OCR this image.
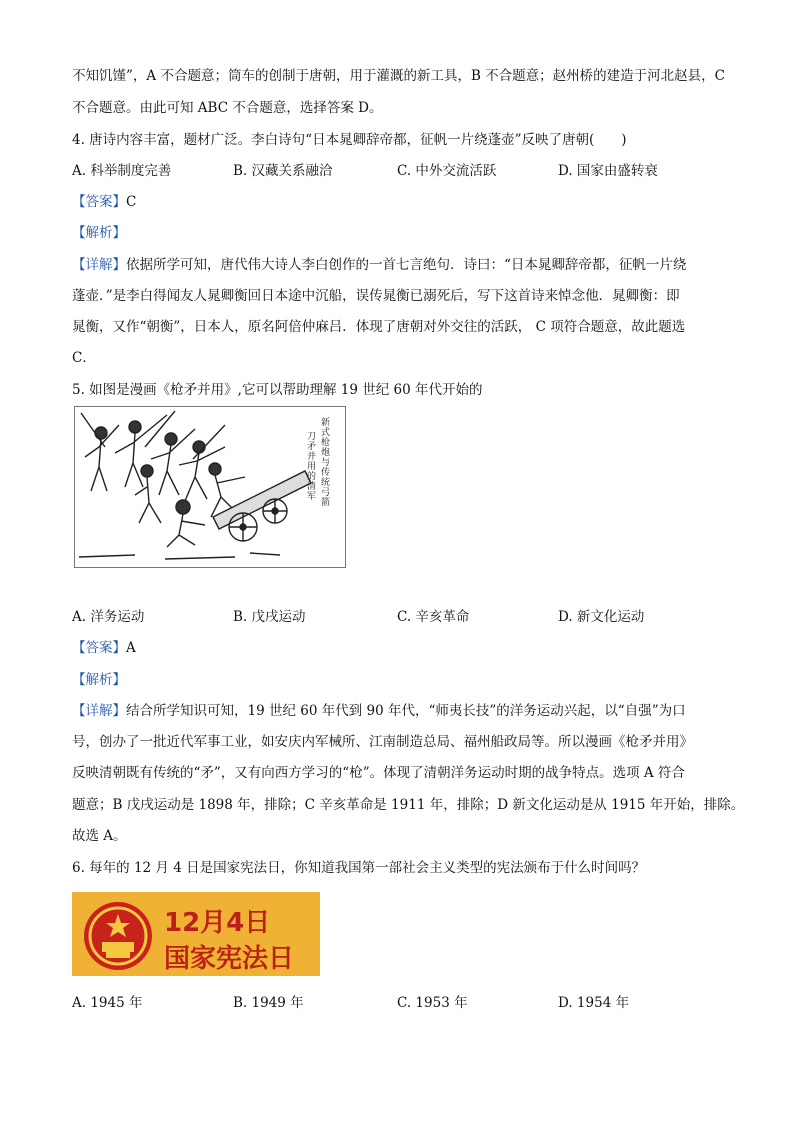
不知饥馑”，A 不合题意；筒车的创制于唐朝，用于灌溉的新工具，B 不合题意；赵州桥的建造于河北赵县，C
不合题意。由此可知 ABC 不合题意，选择答案 D。
4. 唐诗内容丰富，题材广泛。李白诗句“日本晁卿辞帝都，征帆一片绕蓬壶”反映了唐朝(　　)
A. 科举制度完善	B. 汉藏关系融洽	C. 中外交流活跃	D. 国家由盛转衰
【答案】C
【解析】
【详解】依据所学可知，唐代伟大诗人李白创作的一首七言绝句．诗曰：“日本晁卿辞帝都，征帆一片绕
蓬壶．”是李白得闻友人晁卿衡回日本途中沉船，误传晁衡已溺死后，写下这首诗来悼念他．晁卿衡：即
晁衡，又作“朝衡”，日本人，原名阿倍仲麻吕．体现了唐朝对外交往的活跃， C 项符合题意，故此题选
C．
5. 如图是漫画《枪矛并用》,它可以帮助理解 19 世纪 60 年代开始的
新式枪炮与传统弓箭
刀矛并用的清军
A. 洋务运动	B. 戊戌运动	C. 辛亥革命	D. 新文化运动
【答案】A
【解析】
【详解】结合所学知识可知，19 世纪 60 年代到 90 年代，“师夷长技”的洋务运动兴起，以“自强”为口
号，创办了一批近代军事工业，如安庆内军械所、江南制造总局、福州船政局等。所以漫画《枪矛并用》
反映清朝既有传统的“矛”，又有向西方学习的“枪”。体现了清朝洋务运动时期的战争特点。选项 A 符合
题意；B 戊戌运动是 1898 年，排除；C 辛亥革命是 1911 年，排除；D 新文化运动是从 1915 年开始，排除。
故选 A。
6. 每年的 12 月 4 日是国家宪法日，你知道我国第一部社会主义类型的宪法颁布于什么时间吗？
12月4日
国家宪法日
A. 1945 年	B. 1949 年	C. 1953 年	D. 1954 年
